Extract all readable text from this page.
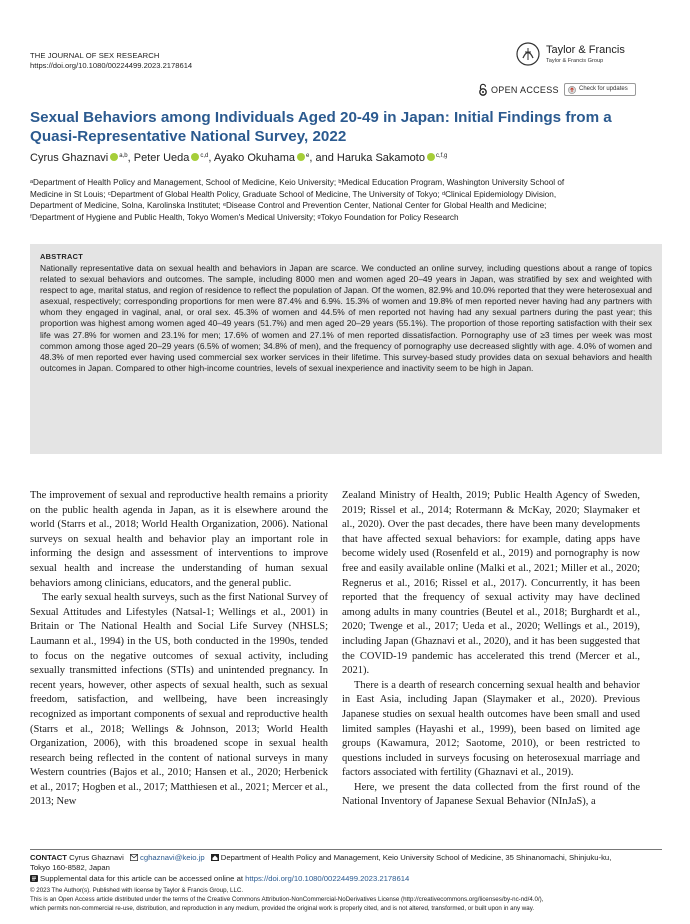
THE JOURNAL OF SEX RESEARCH
https://doi.org/10.1080/00224499.2023.2178614
Taylor & Francis
Taylor & Francis Group
OPEN ACCESS	Check for updates
Sexual Behaviors among Individuals Aged 20-49 in Japan: Initial Findings from a Quasi-Representative National Survey, 2022
Cyrus Ghaznavi $^{a,b}$, Peter Ueda $^{c,d}$, Ayako Okuhama $^e$, and Haruka Sakamoto $^{c,f,g}$
ᵃDepartment of Health Policy and Management, School of Medicine, Keio University; ᵇMedical Education Program, Washington University School of
Medicine in St Louis; ᶜDepartment of Global Health Policy, Graduate School of Medicine, The University of Tokyo; ᵈClinical Epidemiology Division,
Department of Medicine, Solna, Karolinska Institutet; ᵉDisease Control and Prevention Center, National Center for Global Health and Medicine;
ᶠDepartment of Hygiene and Public Health, Tokyo Women's Medical University; ᵍTokyo Foundation for Policy Research
ABSTRACT
Nationally representative data on sexual health and behaviors in Japan are scarce. We conducted an online survey, including questions about a range of topics related to sexual behaviors and outcomes. The sample, including 8000 men and women aged 20–49 years in Japan, was stratified by sex and weighted with respect to age, marital status, and region of residence to reflect the population of Japan. Of the women, 82.9% and 10.0% reported that they were heterosexual and asexual, respectively; corresponding proportions for men were 87.4% and 6.9%. 15.3% of women and 19.8% of men reported never having had any partners with whom they engaged in vaginal, anal, or oral sex. 45.3% of women and 44.5% of men reported not having had any sexual partners during the past year; this proportion was highest among women aged 40–49 years (51.7%) and men aged 20–29 years (55.1%). The proportion of those reporting satisfaction with their sex life was 27.8% for women and 23.1% for men; 17.6% of women and 27.1% of men reported dissatisfaction. Pornography use of ≥3 times per week was most common among those aged 20–29 years (6.5% of women; 34.8% of men), and the frequency of pornography use decreased slightly with age. 4.0% of women and 48.3% of men reported ever having used commercial sex worker services in their lifetime. This survey-based study provides data on sexual behaviors and health outcomes in Japan. Compared to other high-income countries, levels of sexual inexperience and inactivity seem to be high in Japan.

The improvement of sexual and reproductive health remains a priority on the public health agenda in Japan, as it is elsewhere around the world (Starrs et al., 2018; World Health Organization, 2006). National surveys on sexual health and behavior play an important role in informing the design and assessment of interventions to improve sexual health and increase the understanding of human sexual behaviors among clinicians, educators, and the general public.

The early sexual health surveys, such as the first National Survey of Sexual Attitudes and Lifestyles (Natsal-1; Wellings et al., 2001) in Britain or The National Health and Social Life Survey (NHSLS; Laumann et al., 1994) in the US, both conducted in the 1990s, tended to focus on the negative outcomes of sexual activity, including sexually transmitted infections (STIs) and unintended pregnancy. In recent years, however, other aspects of sexual health, such as sexual freedom, satisfaction, and wellbeing, have been increasingly recognized as important components of sexual and reproductive health (Starrs et al., 2018; Wellings & Johnson, 2013; World Health Organization, 2006), with this broadened scope in sexual health research being reflected in the content of national surveys in many Western countries (Bajos et al., 2010; Hansen et al., 2020; Herbenick et al., 2017; Hogben et al., 2017; Matthiesen et al., 2021; Mercer et al., 2013; New

Zealand Ministry of Health, 2019; Public Health Agency of Sweden, 2019; Rissel et al., 2014; Rotermann & McKay, 2020; Slaymaker et al., 2020). Over the past decades, there have been many developments that have affected sexual behaviors: for example, dating apps have become widely used (Rosenfeld et al., 2019) and pornography is now free and easily available online (Malki et al., 2021; Miller et al., 2020; Regnerus et al., 2016; Rissel et al., 2017). Concurrently, it has been reported that the frequency of sexual activity may have declined among adults in many countries (Beutel et al., 2018; Burghardt et al., 2020; Twenge et al., 2017; Ueda et al., 2020; Wellings et al., 2019), including Japan (Ghaznavi et al., 2020), and it has been suggested that the COVID-19 pandemic has accelerated this trend (Mercer et al., 2021).

There is a dearth of research concerning sexual health and behavior in East Asia, including Japan (Slaymaker et al., 2020). Previous Japanese studies on sexual health outcomes have been small and used limited samples (Hayashi et al., 1999), been based on limited age groups (Kawamura, 2012; Saotome, 2010), or been restricted to questions included in surveys focusing on heterosexual marriage and factors associated with fertility (Ghaznavi et al., 2019).

Here, we present the data collected from the first round of the National Inventory of Japanese Sexual Behavior (NInJaS), a

CONTACT Cyrus Ghaznavi cghaznavi@keio.jp Department of Health Policy and Management, Keio University School of Medicine, 35 Shinanomachi, Shinjuku-ku,
Tokyo 160-8582, Japan
Supplemental data for this article can be accessed online at https://doi.org/10.1080/00224499.2023.2178614
© 2023 The Author(s). Published with license by Taylor & Francis Group, LLC.
This is an Open Access article distributed under the terms of the Creative Commons Attribution-NonCommercial-NoDerivatives License (http://creativecommons.org/licenses/by-nc-nd/4.0/),
which permits non-commercial re-use, distribution, and reproduction in any medium, provided the original work is properly cited, and is not altered, transformed, or built upon in any way.
